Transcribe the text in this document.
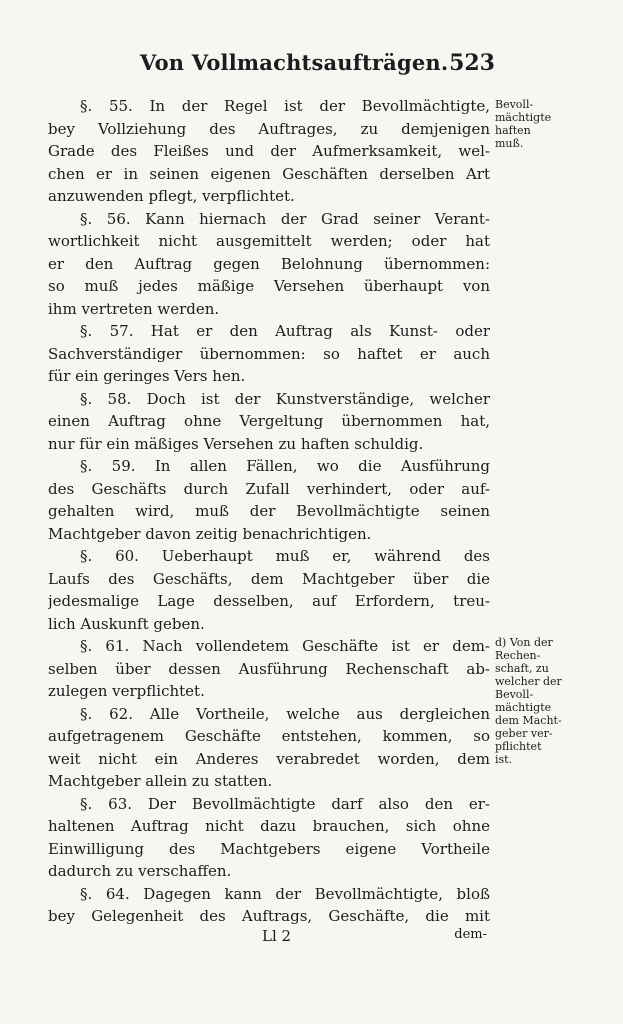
Von Vollmachtsaufträgen. 523

§. 55. In der Regel ist der Bevollmächtigte,
bey Vollziehung des Auftrages, zu demjenigen
Grade des Fleißes und der Aufmerksamkeit, wel-
chen er in seinen eigenen Geschäften derselben Art
anzuwenden pflegt, verpflichtet.

§. 56. Kann hiernach der Grad seiner Verant-
wortlichkeit nicht ausgemittelt werden; oder hat
er den Auftrag gegen Belohnung übernommen:
so muß jedes mäßige Versehen überhaupt von
ihm vertreten werden.

§. 57. Hat er den Auftrag als Kunst- oder
Sachverständiger übernommen: so haftet er auch
für ein geringes Vers hen.

§. 58. Doch ist der Kunstverständige, welcher
einen Auftrag ohne Vergeltung übernommen hat,
nur für ein mäßiges Versehen zu haften schuldig.

§. 59. In allen Fällen, wo die Ausführung
des Geschäfts durch Zufall verhindert, oder auf-
gehalten wird, muß der Bevollmächtigte seinen
Machtgeber davon zeitig benachrichtigen.

§. 60. Ueberhaupt muß er, während des
Laufs des Geschäfts, dem Machtgeber über die
jedesmalige Lage desselben, auf Erfordern, treu-
lich Auskunft geben.

§. 61. Nach vollendetem Geschäfte ist er dem-
selben über dessen Ausführung Rechenschaft ab-
zulegen verpflichtet.

§. 62. Alle Vortheile, welche aus dergleichen
aufgetragenem Geschäfte entstehen, kommen, so
weit nicht ein Anderes verabredet worden, dem
Machtgeber allein zu statten.

§. 63. Der Bevollmächtigte darf also den er-
haltenen Auftrag nicht dazu brauchen, sich ohne
Einwilligung des Machtgebers eigene Vortheile
dadurch zu verschaffen.

§. 64. Dagegen kann der Bevollmächtigte, bloß
bey Gelegenheit des Auftrags, Geschäfte, die mit

Bevoll-
mächtigte
haften
muß.
d) Von der
Rechen-
schaft, zu
welcher der
Bevoll-
mächtigte
dem Macht-
geber ver-
pflichtet
ist.
Ll 2	dem-
